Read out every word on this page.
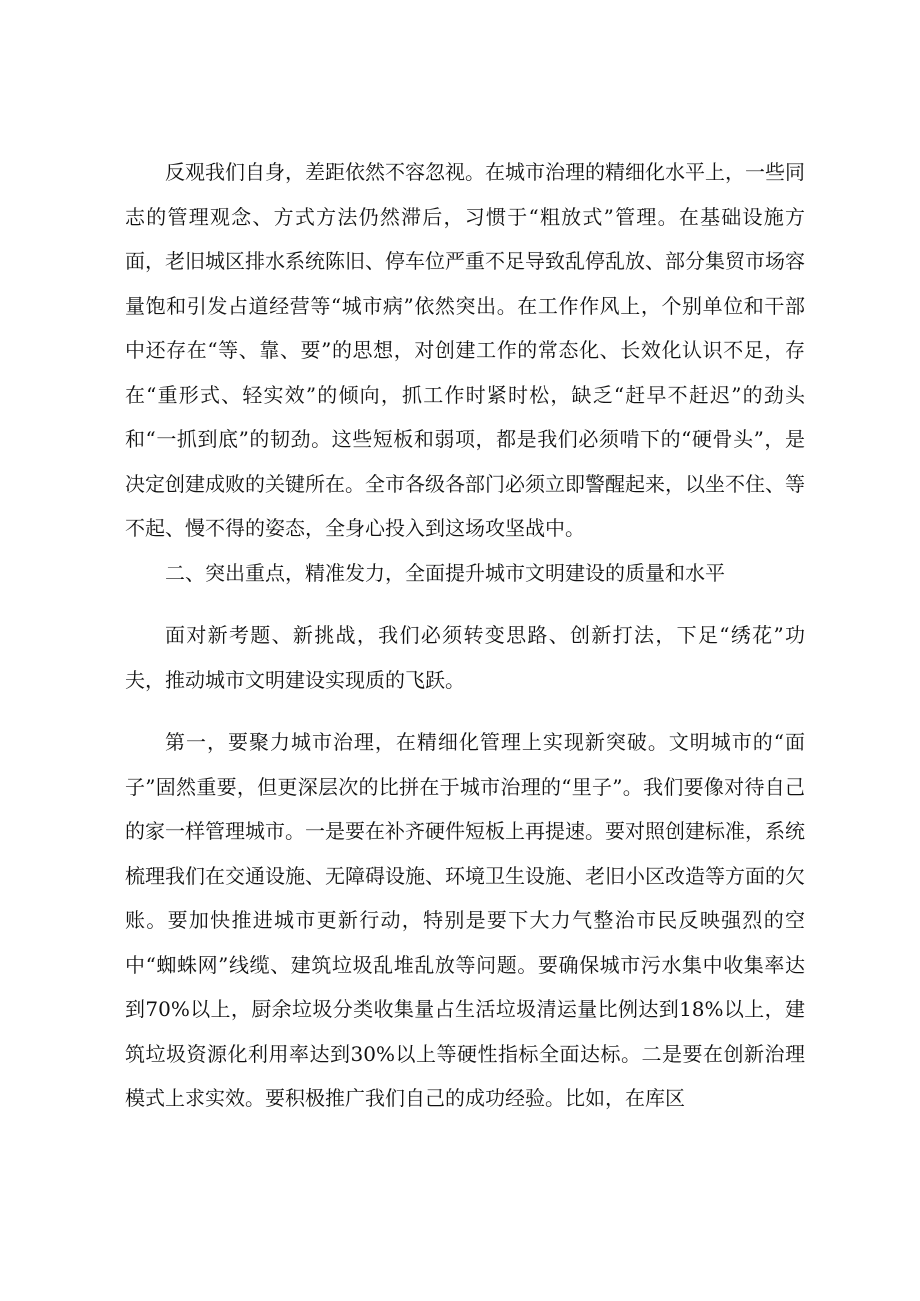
反观我们自身，差距依然不容忽视。在城市治理的精细化水平上，一些同志的管理观念、方式方法仍然滞后，习惯于“粗放式”管理。在基础设施方面，老旧城区排水系统陈旧、停车位严重不足导致乱停乱放、部分集贸市场容量饱和引发占道经营等“城市病”依然突出。在工作作风上，个别单位和干部中还存在“等、靠、要”的思想，对创建工作的常态化、长效化认识不足，存在“重形式、轻实效”的倾向，抓工作时紧时松，缺乏“赶早不赶迟”的劲头和“一抓到底”的韧劲。这些短板和弱项，都是我们必须啃下的“硬骨头”，是决定创建成败的关键所在。全市各级各部门必须立即警醒起来，以坐不住、等不起、慢不得的姿态，全身心投入到这场攻坚战中。

二、突出重点，精准发力，全面提升城市文明建设的质量和水平

面对新考题、新挑战，我们必须转变思路、创新打法，下足“绣花”功夫，推动城市文明建设实现质的飞跃。

第一，要聚力城市治理，在精细化管理上实现新突破。文明城市的“面子”固然重要，但更深层次的比拼在于城市治理的“里子”。我们要像对待自己的家一样管理城市。一是要在补齐硬件短板上再提速。要对照创建标准，系统梳理我们在交通设施、无障碍设施、环境卫生设施、老旧小区改造等方面的欠账。要加快推进城市更新行动，特别是要下大力气整治市民反映强烈的空中“蜘蛛网”线缆、建筑垃圾乱堆乱放等问题。要确保城市污水集中收集率达到70%以上，厨余垃圾分类收集量占生活垃圾清运量比例达到18%以上，建筑垃圾资源化利用率达到30%以上等硬性指标全面达标。二是要在创新治理模式上求实效。要积极推广我们自己的成功经验。比如，在库区
